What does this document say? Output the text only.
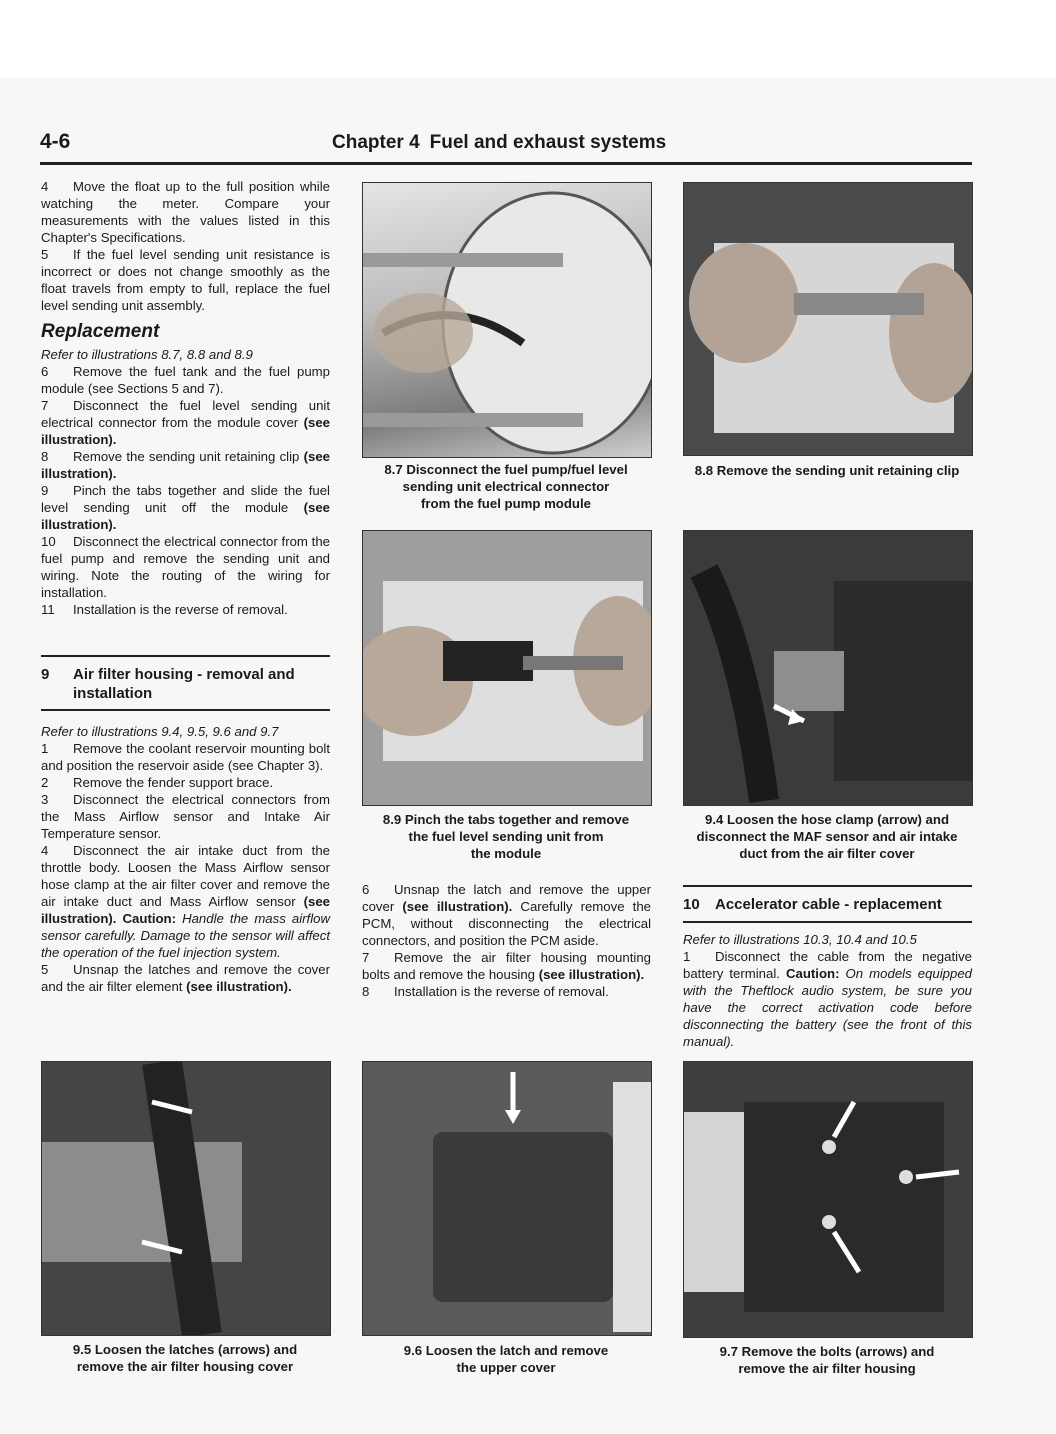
4-6	Chapter 4 Fuel and exhaust systems

4 Move the float up to the full position while watching the meter. Compare your measurements with the values listed in this Chapter's Specifications.

5 If the fuel level sending unit resistance is incorrect or does not change smoothly as the float travels from empty to full, replace the fuel level sending unit assembly.

Replacement

Refer to illustrations 8.7, 8.8 and 8.9

6 Remove the fuel tank and the fuel pump module (see Sections 5 and 7).

7 Disconnect the fuel level sending unit electrical connector from the module cover (see illustration).

8 Remove the sending unit retaining clip (see illustration).

9 Pinch the tabs together and slide the fuel level sending unit off the module (see illustration).

10 Disconnect the electrical connector from the fuel pump and remove the sending unit and wiring. Note the routing of the wiring for installation.

11 Installation is the reverse of removal.

9 Air filter housing - removal and
installation

Refer to illustrations 9.4, 9.5, 9.6 and 9.7

1 Remove the coolant reservoir mounting bolt and position the reservoir aside (see Chapter 3).

2 Remove the fender support brace.

3 Disconnect the electrical connectors from the Mass Airflow sensor and Intake Air Temperature sensor.

4 Disconnect the air intake duct from the throttle body. Loosen the Mass Airflow sensor hose clamp at the air filter cover and remove the air intake duct and Mass Airflow sensor (see illustration). Caution: Handle the mass airflow sensor carefully. Damage to the sensor will affect the operation of the fuel injection system.

5 Unsnap the latches and remove the cover and the air filter element (see illustration).

6 Unsnap the latch and remove the upper cover (see illustration). Carefully remove the PCM, without disconnecting the electrical connectors, and position the PCM aside.

7 Remove the air filter housing mounting bolts and remove the housing (see illustration).

8 Installation is the reverse of removal.

10 Accelerator cable - replacement

Refer to illustrations 10.3, 10.4 and 10.5

1 Disconnect the cable from the negative battery terminal. Caution: On models equipped with the Theftlock audio system, be sure you have the correct activation code before disconnecting the battery (see the front of this manual).

8.7 Disconnect the fuel pump/fuel level
sending unit electrical connector
from the fuel pump module
8.8 Remove the sending unit retaining clip
8.9 Pinch the tabs together and remove
the fuel level sending unit from
the module
9.4 Loosen the hose clamp (arrow) and
disconnect the MAF sensor and air intake
duct from the air filter cover
9.5 Loosen the latches (arrows) and
remove the air filter housing cover
9.6 Loosen the latch and remove
the upper cover
9.7 Remove the bolts (arrows) and
remove the air filter housing
